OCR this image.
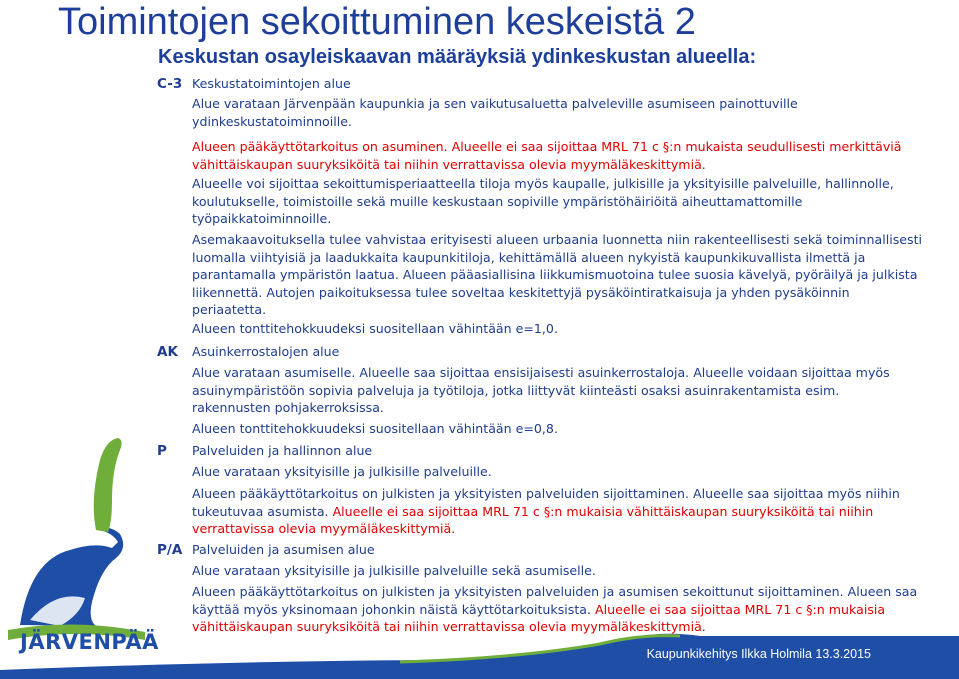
Toimintojen sekoittuminen keskeistä 2
Keskustan osayleiskaavan määräyksiä ydinkeskustan alueella:
C-3 Keskustatoimintojen alue

Alue varataan Järvenpään kaupunkia ja sen vaikutusaluetta palveleville asumiseen painottuville

ydinkeskustatoiminnoille.

Alueen pääkäyttötarkoitus on asuminen. Alueelle ei saa sijoittaa MRL 71 c §:n mukaista seudullisesti merkittäviä

vähittäiskaupan suuryksiköitä tai niihin verrattavissa olevia myymäläkeskittymiä.

Alueelle voi sijoittaa sekoittumisperiaatteella tiloja myös kaupalle, julkisille ja yksityisille palveluille, hallinnolle,

koulutukselle, toimistoille sekä muille keskustaan sopiville ympäristöhäiriöitä aiheuttamattomille

työpaikkatoiminnoille.

Asemakaavoituksella tulee vahvistaa erityisesti alueen urbaania luonnetta niin rakenteellisesti sekä toiminnallisesti

luomalla viihtyisiä ja laadukkaita kaupunkitiloja, kehittämällä alueen nykyistä kaupunkikuvallista ilmettä ja

parantamalla ympäristön laatua. Alueen pääasiallisina liikkumismuotoina tulee suosia kävelyä, pyöräilyä ja julkista

liikennettä. Autojen paikoituksessa tulee soveltaa keskitettyjä pysäköintiratkaisuja ja yhden pysäköinnin

periaatetta.

Alueen tonttitehokkuudeksi suositellaan vähintään e=1,0.

AK Asuinkerrostalojen alue

Alue varataan asumiselle. Alueelle saa sijoittaa ensisijaisesti asuinkerrostaloja. Alueelle voidaan sijoittaa myös

asuinympäristöön sopivia palveluja ja työtiloja, jotka liittyvät kiinteästi osaksi asuinrakentamista esim.

rakennusten pohjakerroksissa.

Alueen tonttitehokkuudeksi suositellaan vähintään e=0,8.

P Palveluiden ja hallinnon alue

Alue varataan yksityisille ja julkisille palveluille.

Alueen pääkäyttötarkoitus on julkisten ja yksityisten palveluiden sijoittaminen. Alueelle saa sijoittaa myös niihin

tukeutuvaa asumista. Alueelle ei saa sijoittaa MRL 71 c §:n mukaisia vähittäiskaupan suuryksiköitä tai niihin

verrattavissa olevia myymäläkeskittymiä.

P/A Palveluiden ja asumisen alue

Alue varataan yksityisille ja julkisille palveluille sekä asumiselle.

Alueen pääkäyttötarkoitus on julkisten ja yksityisten palveluiden ja asumisen sekoittunut sijoittaminen. Alueen saa

käyttää myös yksinomaan johonkin näistä käyttötarkoituksista. Alueelle ei saa sijoittaa MRL 71 c §:n mukaisia

vähittäiskaupan suuryksiköitä tai niihin verrattavissa olevia myymäläkeskittymiä.

JÄRVENPÄÄ	Kaupunkikehitys Ilkka Holmila 13.3.2015
